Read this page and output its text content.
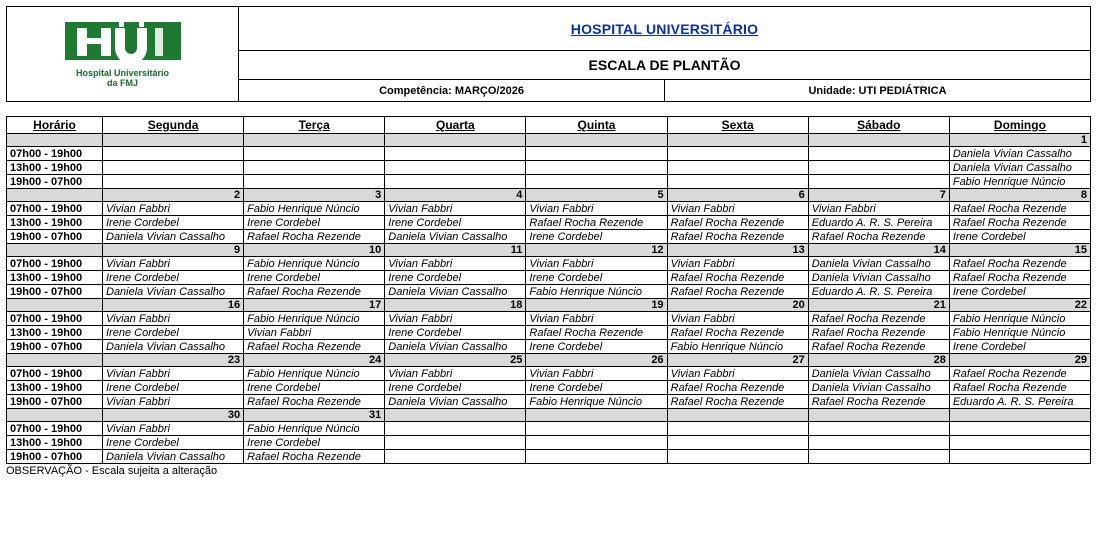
Hospital Universitário
da FMJ
HOSPITAL UNIVERSITÁRIO
ESCALA DE PLANTÃO
Competência: MARÇO/2026	Unidade: UTI PEDIÁTRICA
Horário	Segunda	Terça	Quarta	Quinta	Sexta	Sábado	Domingo
							1
07h00 - 19h00							Daniela Vivian Cassalho
13h00 - 19h00							Daniela Vivian Cassalho
19h00 - 07h00							Fabio Henrique Núncio
	2	3	4	5	6	7	8
07h00 - 19h00	Vivian Fabbri	Fabio Henrique Núncio	Vivian Fabbri	Vivian Fabbri	Vivian Fabbri	Vivian Fabbri	Rafael Rocha Rezende
13h00 - 19h00	Irene Cordebel	Irene Cordebel	Irene Cordebel	Rafael Rocha Rezende	Rafael Rocha Rezende	Eduardo A. R. S. Pereira	Rafael Rocha Rezende
19h00 - 07h00	Daniela Vivian Cassalho	Rafael Rocha Rezende	Daniela Vivian Cassalho	Irene Cordebel	Rafael Rocha Rezende	Rafael Rocha Rezende	Irene Cordebel
	9	10	11	12	13	14	15
07h00 - 19h00	Vivian Fabbri	Fabio Henrique Núncio	Vivian Fabbri	Vivian Fabbri	Vivian Fabbri	Daniela Vivian Cassalho	Rafael Rocha Rezende
13h00 - 19h00	Irene Cordebel	Irene Cordebel	Irene Cordebel	Irene Cordebel	Rafael Rocha Rezende	Daniela Vivian Cassalho	Rafael Rocha Rezende
19h00 - 07h00	Daniela Vivian Cassalho	Rafael Rocha Rezende	Daniela Vivian Cassalho	Fabio Henrique Núncio	Rafael Rocha Rezende	Eduardo A. R. S. Pereira	Irene Cordebel
	16	17	18	19	20	21	22
07h00 - 19h00	Vivian Fabbri	Fabio Henrique Núncio	Vivian Fabbri	Vivian Fabbri	Vivian Fabbri	Rafael Rocha Rezende	Fabio Henrique Núncio
13h00 - 19h00	Irene Cordebel	Vivian Fabbri	Irene Cordebel	Rafael Rocha Rezende	Rafael Rocha Rezende	Rafael Rocha Rezende	Fabio Henrique Núncio
19h00 - 07h00	Daniela Vivian Cassalho	Rafael Rocha Rezende	Daniela Vivian Cassalho	Irene Cordebel	Fabio Henrique Núncio	Rafael Rocha Rezende	Irene Cordebel
	23	24	25	26	27	28	29
07h00 - 19h00	Vivian Fabbri	Fabio Henrique Núncio	Vivian Fabbri	Vivian Fabbri	Vivian Fabbri	Daniela Vivian Cassalho	Rafael Rocha Rezende
13h00 - 19h00	Irene Cordebel	Irene Cordebel	Irene Cordebel	Irene Cordebel	Rafael Rocha Rezende	Daniela Vivian Cassalho	Rafael Rocha Rezende
19h00 - 07h00	Vivian Fabbri	Rafael Rocha Rezende	Daniela Vivian Cassalho	Fabio Henrique Núncio	Rafael Rocha Rezende	Rafael Rocha Rezende	Eduardo A. R. S. Pereira
	30	31					
07h00 - 19h00	Vivian Fabbri	Fabio Henrique Núncio					
13h00 - 19h00	Irene Cordebel	Irene Cordebel					
19h00 - 07h00	Daniela Vivian Cassalho	Rafael Rocha Rezende					
OBSERVAÇÃO - Escala sujeita a alteração
